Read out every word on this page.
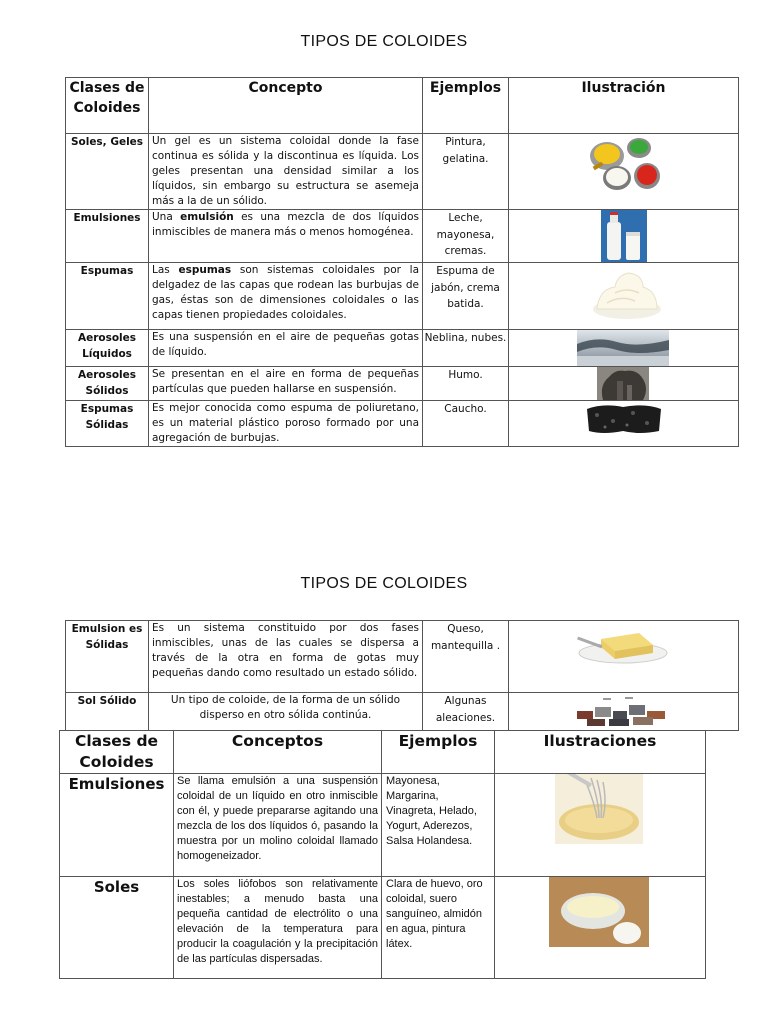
TIPOS DE COLOIDES
Clases de Coloides	Concepto	Ejemplos	Ilustración
Soles, Geles	Un gel es un sistema coloidal donde la fase continua es sólida y la discontinua es líquida. Los geles presentan una densidad similar a los líquidos, sin embargo su estructura se asemeja más a la de un sólido.	Pintura, gelatina.	

Emulsiones	Una emulsión es una mezcla de dos líquidos inmiscibles de manera más o menos homogénea.	Leche, mayonesa, cremas.	

Espumas	Las espumas son sistemas coloidales por la delgadez de las capas que rodean las burbujas de gas, éstas son de dimensiones coloidales o las capas tienen propiedades coloidales.	Espuma de jabón, crema batida.	

Aerosoles Líquidos	Es una suspensión en el aire de pequeñas gotas de líquido.	Neblina, nubes.	

Aerosoles Sólidos	Se presentan en el aire en forma de pequeñas partículas que pueden hallarse en suspensión.	Humo.	

Espumas Sólidas	Es mejor conocida como espuma de poliuretano, es un material plástico poroso formado por una agregación de burbujas.	Caucho.	
TIPOS DE COLOIDES
Emulsion es Sólidas	Es un sistema constituido por dos fases inmiscibles, unas de las cuales se dispersa a través de la otra en forma de gotas muy pequeñas dando como resultado un estado sólido.	Queso, mantequilla .	

Sol Sólido	Un tipo de coloide, de la forma de un sólido disperso en otro sólida continúa.	Algunas aleaciones.	
Clases de Coloides	Conceptos	Ejemplos	Ilustraciones
Emulsiones	Se llama emulsión a una suspensión coloidal de un líquido en otro inmiscible con él, y puede prepararse agitando una mezcla de los dos líquidos ó, pasando la muestra por un molino coloidal llamado homogeneizador.	Mayonesa, Margarina, Vinagreta, Helado, Yogurt, Aderezos, Salsa Holandesa.	

Soles	Los soles liófobos son relativamente inestables; a menudo basta una pequeña cantidad de electrólito o una elevación de la temperatura para producir la coagulación y la precipitación de las partículas dispersadas.	Clara de huevo, oro coloidal, suero sanguíneo, almidón en agua, pintura látex.	
